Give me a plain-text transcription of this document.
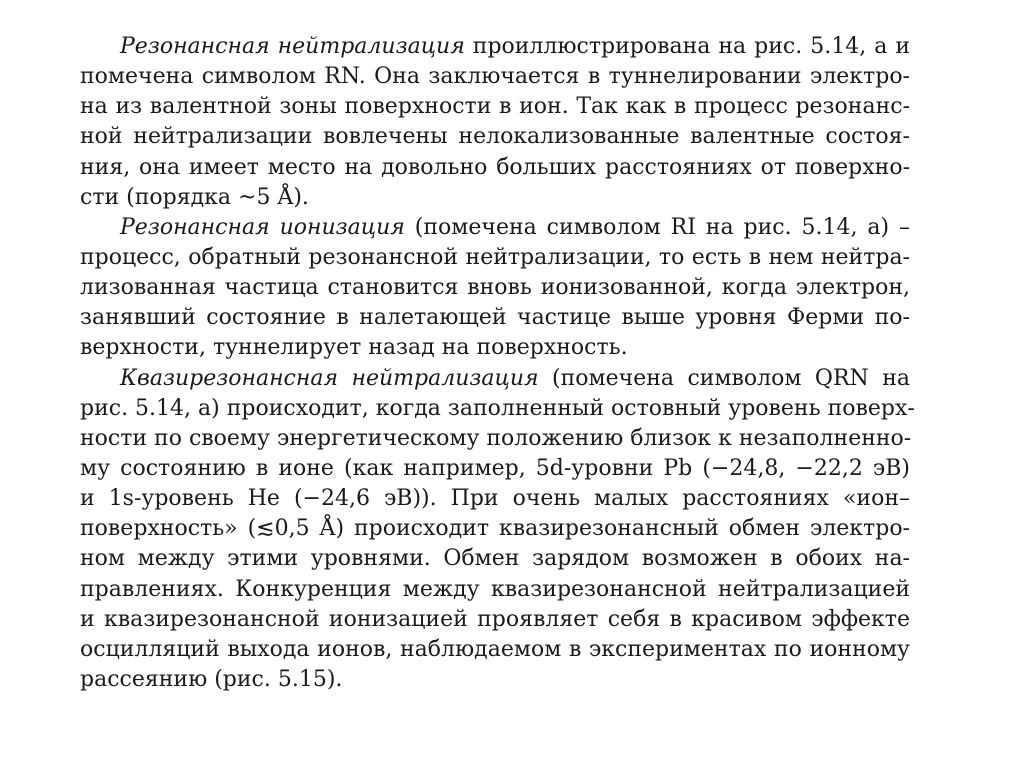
Резонансная нейтрализация проиллюстрирована на рис. 5.14, a и
помечена символом RN. Она заключается в туннелировании электро-
на из валентной зоны поверхности в ион. Так как в процесс резонанс-
ной нейтрализации вовлечены нелокализованные валентные состоя-
ния, она имеет место на довольно больших расстояниях от поверхно-
сти (порядка ~5 Å).
Резонансная ионизация (помечена символом RI на рис. 5.14, a) –
процесс, обратный резонансной нейтрализации, то есть в нем нейтра-
лизованная частица становится вновь ионизованной, когда электрон,
занявший состояние в налетающей частице выше уровня Ферми по-
верхности, туннелирует назад на поверхность.
Квазирезонансная нейтрализация (помечена символом QRN на
рис. 5.14, a) происходит, когда заполненный остовный уровень поверх-
ности по своему энергетическому положению близок к незаполненно-
му состоянию в ионе (как например, 5d-уровни Pb (−24,8, −22,2 эВ)
и 1s-уровень He (−24,6 эВ)). При очень малых расстояниях «ион–
поверхность» (≲0,5 Å) происходит квазирезонансный обмен электро-
ном между этими уровнями. Обмен зарядом возможен в обоих на-
правлениях. Конкуренция между квазирезонансной нейтрализацией
и квазирезонансной ионизацией проявляет себя в красивом эффекте
осцилляций выхода ионов, наблюдаемом в экспериментах по ионному
рассеянию (рис. 5.15).
